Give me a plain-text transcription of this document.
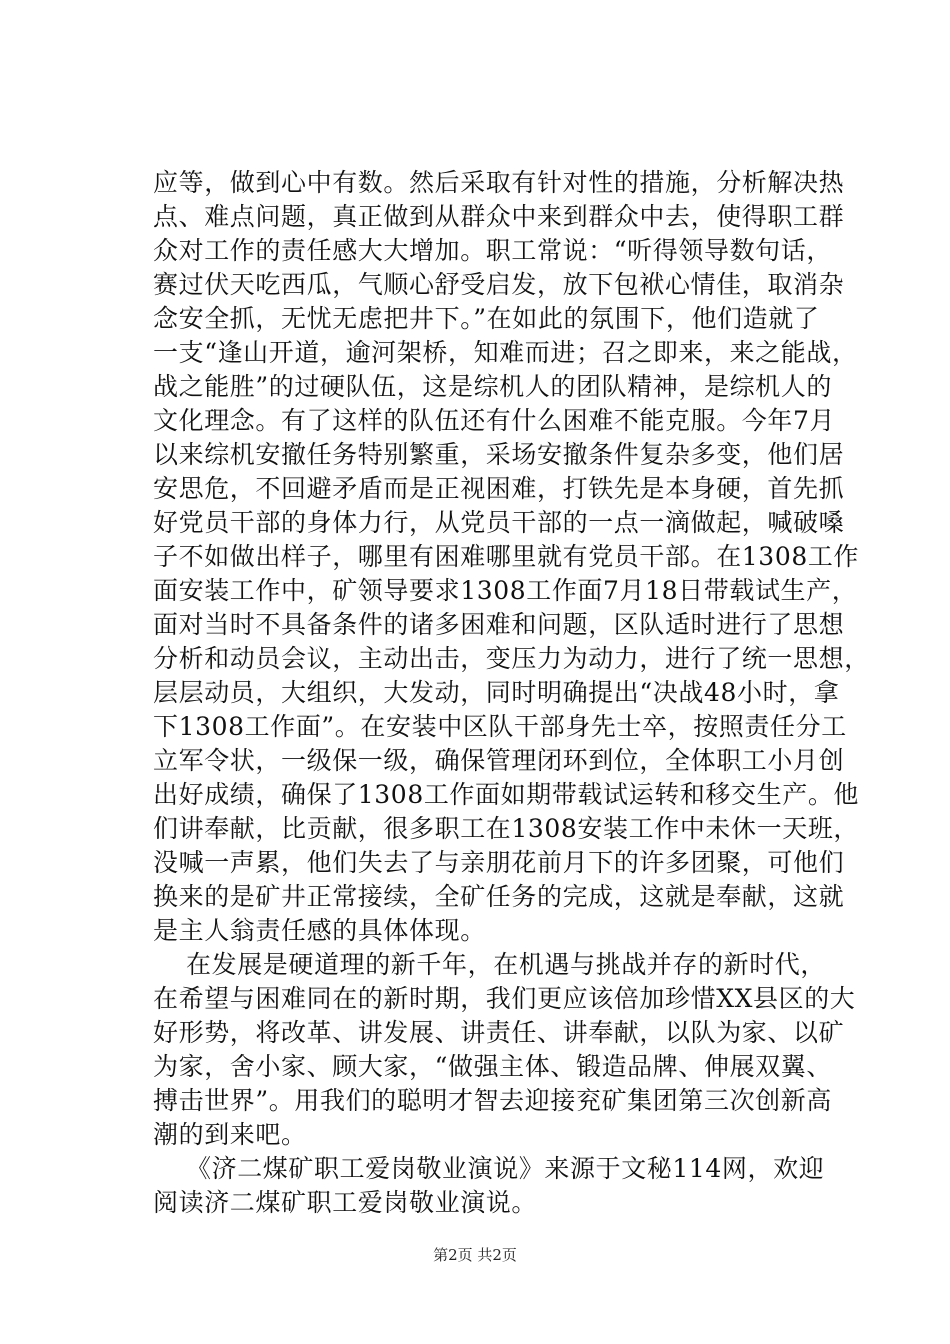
应等，做到心中有数。然后采取有针对性的措施，分析解决热
点、难点问题，真正做到从群众中来到群众中去，使得职工群
众对工作的责任感大大增加。职工常说：“听得领导数句话，
赛过伏天吃西瓜，气顺心舒受启发，放下包袱心情佳，取消杂
念安全抓，无忧无虑把井下。”在如此的氛围下，他们造就了
一支“逢山开道，逾河架桥，知难而进；召之即来，来之能战，
战之能胜”的过硬队伍，这是综机人的团队精神，是综机人的
文化理念。有了这样的队伍还有什么困难不能克服。今年7月
以来综机安撤任务特别繁重，采场安撤条件复杂多变，他们居
安思危，不回避矛盾而是正视困难，打铁先是本身硬，首先抓
好党员干部的身体力行，从党员干部的一点一滴做起，喊破嗓
子不如做出样子，哪里有困难哪里就有党员干部。在1308工作
面安装工作中，矿领导要求1308工作面7月18日带载试生产，
面对当时不具备条件的诸多困难和问题，区队适时进行了思想
分析和动员会议，主动出击，变压力为动力，进行了统一思想，
层层动员，大组织，大发动，同时明确提出“决战48小时，拿
下1308工作面”。在安装中区队干部身先士卒，按照责任分工
立军令状，一级保一级，确保管理闭环到位，全体职工小月创
出好成绩，确保了1308工作面如期带载试运转和移交生产。他
们讲奉献，比贡献，很多职工在1308安装工作中未休一天班，
没喊一声累，他们失去了与亲朋花前月下的许多团聚，可他们
换来的是矿井正常接续，全矿任务的完成，这就是奉献，这就
是主人翁责任感的具体体现。
在发展是硬道理的新千年，在机遇与挑战并存的新时代，
在希望与困难同在的新时期，我们更应该倍加珍惜XX县区的大
好形势，将改革、讲发展、讲责任、讲奉献，以队为家、以矿
为家，舍小家、顾大家，“做强主体、锻造品牌、伸展双翼、
搏击世界”。用我们的聪明才智去迎接兖矿集团第三次创新高
潮的到来吧。
《济二煤矿职工爱岗敬业演说》来源于文秘114网，欢迎
阅读济二煤矿职工爱岗敬业演说。
第2页 共2页
